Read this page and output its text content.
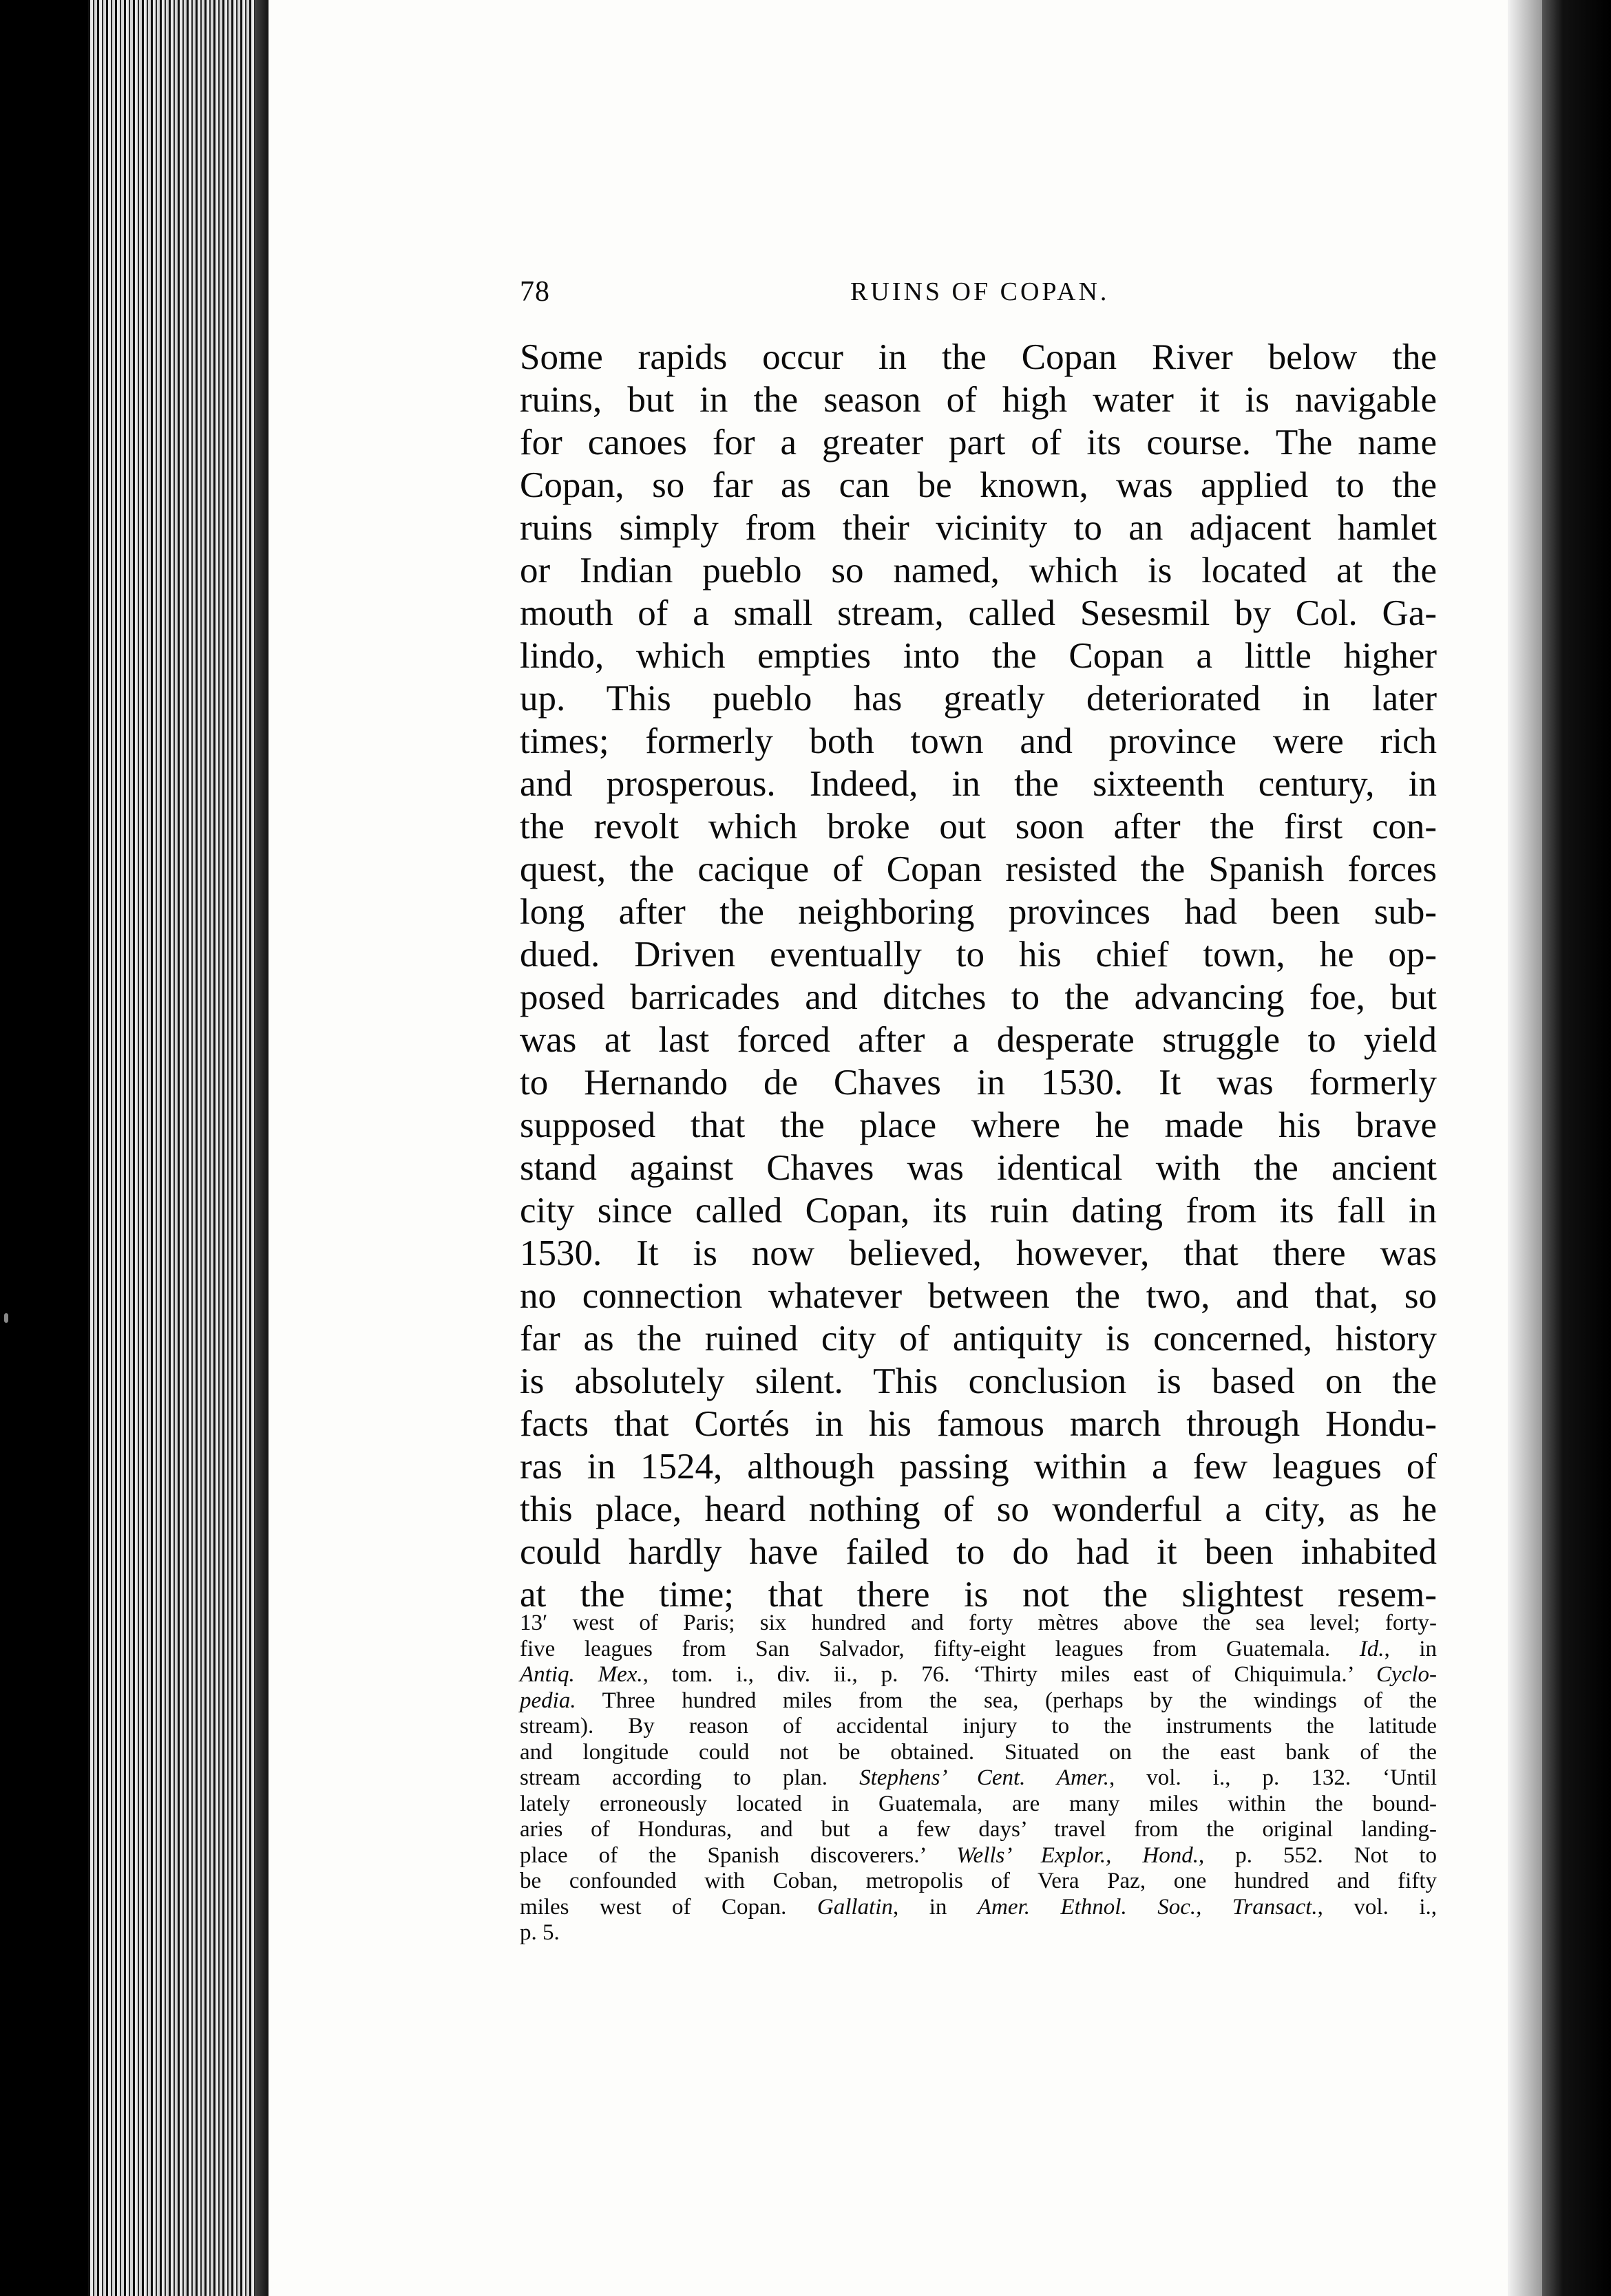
78	RUINS OF COPAN.
Some rapids occur in the Copan River below the
ruins, but in the season of high water it is navigable
for canoes for a greater part of its course. The name
Copan, so far as can be known, was applied to the
ruins simply from their vicinity to an adjacent hamlet
or Indian pueblo so named, which is located at the
mouth of a small stream, called Sesesmil by Col. Ga-
lindo, which empties into the Copan a little higher
up. This pueblo has greatly deteriorated in later
times; formerly both town and province were rich
and prosperous. Indeed, in the sixteenth century, in
the revolt which broke out soon after the first con-
quest, the cacique of Copan resisted the Spanish forces
long after the neighboring provinces had been sub-
dued. Driven eventually to his chief town, he op-
posed barricades and ditches to the advancing foe, but
was at last forced after a desperate struggle to yield
to Hernando de Chaves in 1530. It was formerly
supposed that the place where he made his brave
stand against Chaves was identical with the ancient
city since called Copan, its ruin dating from its fall in
1530. It is now believed, however, that there was
no connection whatever between the two, and that, so
far as the ruined city of antiquity is concerned, history
is absolutely silent. This conclusion is based on the
facts that Cortés in his famous march through Hondu-
ras in 1524, although passing within a few leagues of
this place, heard nothing of so wonderful a city, as he
could hardly have failed to do had it been inhabited
at the time; that there is not the slightest resem-
13′ west of Paris; six hundred and forty mètres above the sea level; forty-
five leagues from San Salvador, fifty-eight leagues from Guatemala. Id., in
Antiq. Mex., tom. i., div. ii., p. 76. ‘Thirty miles east of Chiquimula.’ Cyclo-
pedia. Three hundred miles from the sea, (perhaps by the windings of the
stream). By reason of accidental injury to the instruments the latitude
and longitude could not be obtained. Situated on the east bank of the
stream according to plan. Stephens’ Cent. Amer., vol. i., p. 132. ‘Until
lately erroneously located in Guatemala, are many miles within the bound-
aries of Honduras, and but a few days’ travel from the original landing-
place of the Spanish discoverers.’ Wells’ Explor., Hond., p. 552. Not to
be confounded with Coban, metropolis of Vera Paz, one hundred and fifty
miles west of Copan. Gallatin, in Amer. Ethnol. Soc., Transact., vol. i.,
p. 5.
